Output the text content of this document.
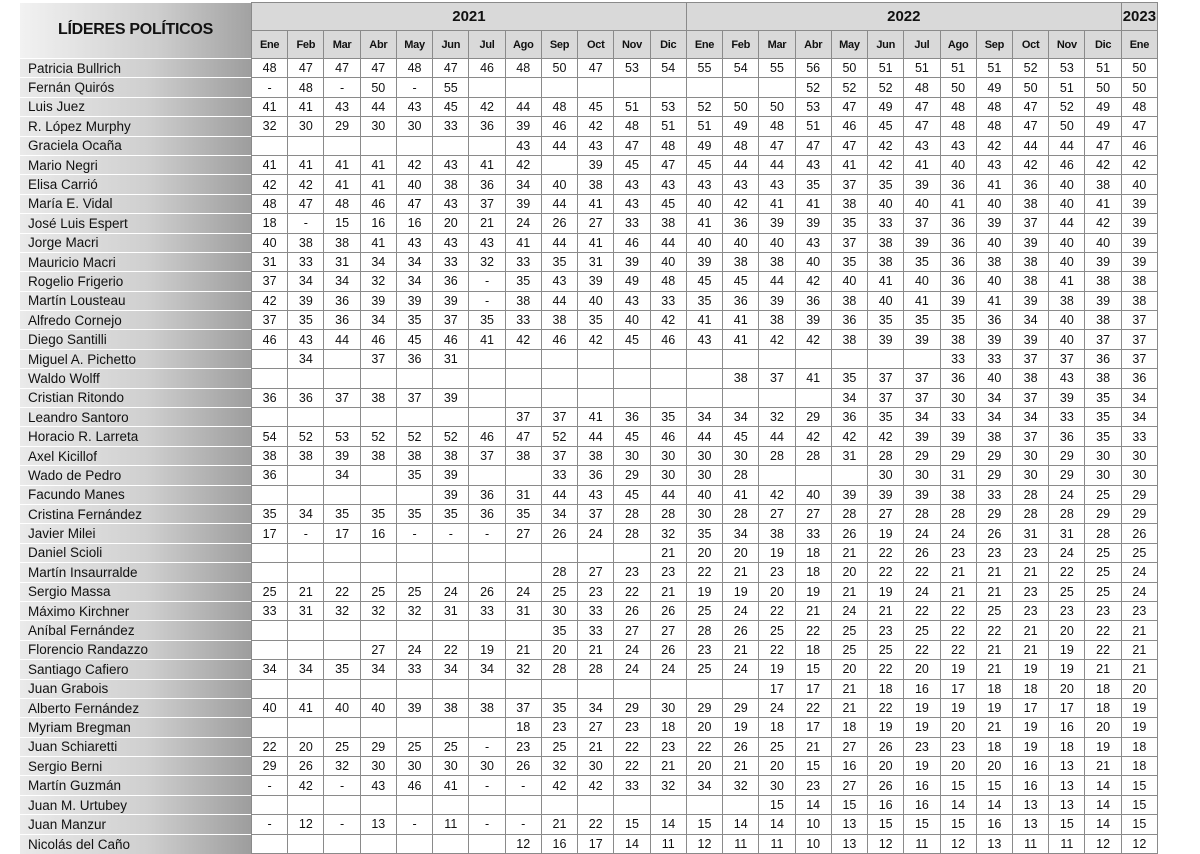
LÍDERES POLÍTICOS	2021												2022												2023
	Ene	Feb	Mar	Abr	May	Jun	Jul	Ago	Sep	Oct	Nov	Dic	Ene	Feb	Mar	Abr	May	Jun	Jul	Ago	Sep	Oct	Nov	Dic	Ene
Patricia Bullrich	48	47	47	47	48	47	46	48	50	47	53	54	55	54	55	56	50	51	51	51	51	52	53	51	50
Fernán Quirós	-	48	-	50	-	55										52	52	52	48	50	49	50	51	50	50
Luis Juez	41	41	43	44	43	45	42	44	48	45	51	53	52	50	50	53	47	49	47	48	48	47	52	49	48
R. López Murphy	32	30	29	30	30	33	36	39	46	42	48	51	51	49	48	51	46	45	47	48	48	47	50	49	47
Graciela Ocaña								43	44	43	47	48	49	48	47	47	47	42	43	43	42	44	44	47	46
Mario Negri	41	41	41	41	42	43	41	42		39	45	47	45	44	44	43	41	42	41	40	43	42	46	42	42
Elisa Carrió	42	42	41	41	40	38	36	34	40	38	43	43	43	43	43	35	37	35	39	36	41	36	40	38	40
María E. Vidal	48	47	48	46	47	43	37	39	44	41	43	45	40	42	41	41	38	40	40	41	40	38	40	41	39
José Luis Espert	18	-	15	16	16	20	21	24	26	27	33	38	41	36	39	39	35	33	37	36	39	37	44	42	39
Jorge Macri	40	38	38	41	43	43	43	41	44	41	46	44	40	40	40	43	37	38	39	36	40	39	40	40	39
Mauricio Macri	31	33	31	34	34	33	32	33	35	31	39	40	39	38	38	40	35	38	35	36	38	38	40	39	39
Rogelio Frigerio	37	34	34	32	34	36	-	35	43	39	49	48	45	45	44	42	40	41	40	36	40	38	41	38	38
Martín Lousteau	42	39	36	39	39	39	-	38	44	40	43	33	35	36	39	36	38	40	41	39	41	39	38	39	38
Alfredo Cornejo	37	35	36	34	35	37	35	33	38	35	40	42	41	41	38	39	36	35	35	35	36	34	40	38	37
Diego Santilli	46	43	44	46	45	46	41	42	46	42	45	46	43	41	42	42	38	39	39	38	39	39	40	37	37
Miguel A. Pichetto		34		37	36	31														33	33	37	37	36	37
Waldo Wolff														38	37	41	35	37	37	36	40	38	43	38	36
Cristian Ritondo	36	36	37	38	37	39											34	37	37	30	34	37	39	35	34
Leandro Santoro								37	37	41	36	35	34	34	32	29	36	35	34	33	34	34	33	35	34
Horacio R. Larreta	54	52	53	52	52	52	46	47	52	44	45	46	44	45	44	42	42	42	39	39	38	37	36	35	33
Axel Kicillof	38	38	39	38	38	38	37	38	37	38	30	30	30	30	28	28	31	28	29	29	29	30	29	30	30
Wado de Pedro	36		34		35	39			33	36	29	30	30	28				30	30	31	29	30	29	30	30
Facundo Manes						39	36	31	44	43	45	44	40	41	42	40	39	39	39	38	33	28	24	25	29
Cristina Fernández	35	34	35	35	35	35	36	35	34	37	28	28	30	28	27	27	28	27	28	28	29	28	28	29	29
Javier Milei	17	-	17	16	-	-	-	27	26	24	28	32	35	34	38	33	26	19	24	24	26	31	31	28	26
Daniel Scioli												21	20	20	19	18	21	22	26	23	23	23	24	25	25
Martín Insaurralde									28	27	23	23	22	21	23	18	20	22	22	21	21	21	22	25	24
Sergio Massa	25	21	22	25	25	24	26	24	25	23	22	21	19	19	20	19	21	19	24	21	21	23	25	25	24
Máximo Kirchner	33	31	32	32	32	31	33	31	30	33	26	26	25	24	22	21	24	21	22	22	25	23	23	23	23
Aníbal Fernández									35	33	27	27	28	26	25	22	25	23	25	22	22	21	20	22	21
Florencio Randazzo				27	24	22	19	21	20	21	24	26	23	21	22	18	25	25	22	22	21	21	19	22	21
Santiago Cafiero	34	34	35	34	33	34	34	32	28	28	24	24	25	24	19	15	20	22	20	19	21	19	19	21	21
Juan Grabois															17	17	21	18	16	17	18	18	20	18	20
Alberto Fernández	40	41	40	40	39	38	38	37	35	34	29	30	29	29	24	22	21	22	19	19	19	17	17	18	19
Myriam Bregman								18	23	27	23	18	20	19	18	17	18	19	19	20	21	19	16	20	19
Juan Schiaretti	22	20	25	29	25	25	-	23	25	21	22	23	22	26	25	21	27	26	23	23	18	19	18	19	18
Sergio Berni	29	26	32	30	30	30	30	26	32	30	22	21	20	21	20	15	16	20	19	20	20	16	13	21	18
Martín Guzmán	-	42	-	43	46	41	-	-	42	42	33	32	34	32	30	23	27	26	16	15	15	16	13	14	15
Juan M. Urtubey															15	14	15	16	16	14	14	13	13	14	15
Juan Manzur	-	12	-	13	-	11	-	-	21	22	15	14	15	14	14	10	13	15	15	15	16	13	15	14	15
Nicolás del Caño								12	16	17	14	11	12	11	11	10	13	12	11	12	13	11	11	12	12
